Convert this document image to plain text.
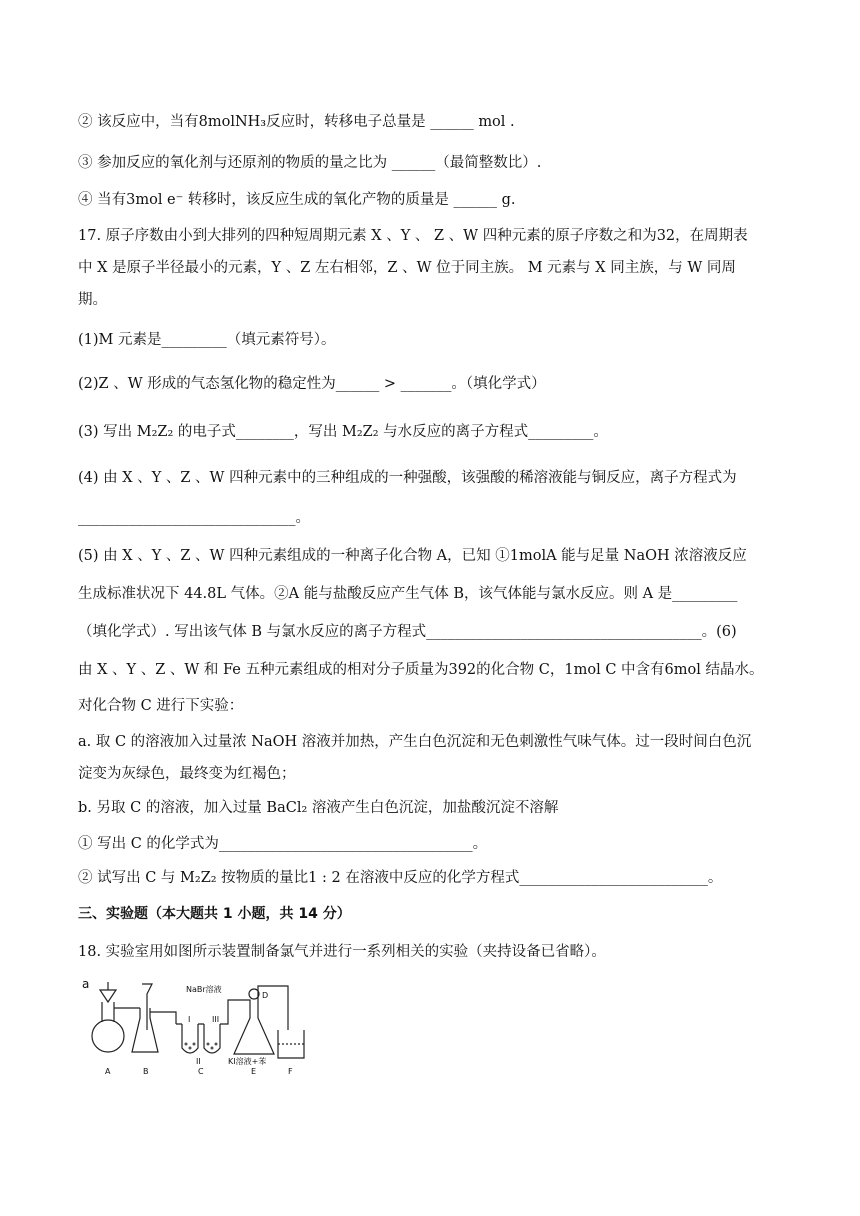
② 该反应中，当有8molNH₃反应时，转移电子总量是 ______ mol .
③ 参加反应的氧化剂与还原剂的物质的量之比为 ______（最简整数比）.
④ 当有3mol e⁻ 转移时，该反应生成的氧化产物的质量是 ______ g.
17. 原子序数由小到大排列的四种短周期元素 X 、Y 、 Z 、W 四种元素的原子序数之和为32，在周期表
中 X 是原子半径最小的元素，Y 、Z 左右相邻，Z 、W 位于同主族。 M 元素与 X 同主族，与 W 同周
期。
(1)M 元素是_________（填元素符号）。
(2)Z 、W 形成的气态氢化物的稳定性为______ > _______。（填化学式）
(3) 写出 M₂Z₂ 的电子式________，写出 M₂Z₂ 与水反应的离子方程式_________。
(4) 由 X 、Y 、Z 、W 四种元素中的三种组成的一种强酸，该强酸的稀溶液能与铜反应，离子方程式为
______________________________。
(5) 由 X 、Y 、Z 、W 四种元素组成的一种离子化合物 A，已知 ①1molA 能与足量 NaOH 浓溶液反应
生成标准状况下 44.8L 气体。②A 能与盐酸反应产生气体 B，该气体能与氯水反应。则 A 是_________
（填化学式）. 写出该气体 B 与氯水反应的离子方程式______________________________________。(6)
由 X 、Y 、Z 、W 和 Fe 五种元素组成的相对分子质量为392的化合物 C，1mol C 中含有6mol 结晶水。
对化合物 C 进行下实验：
a. 取 C 的溶液加入过量浓 NaOH 溶液并加热，产生白色沉淀和无色刺激性气味气体。过一段时间白色沉
淀变为灰绿色，最终变为红褐色；
b. 另取 C 的溶液，加入过量 BaCl₂ 溶液产生白色沉淀，加盐酸沉淀不溶解
① 写出 C 的化学式为___________________________________。
② 试写出 C 与 M₂Z₂ 按物质的量比1 : 2 在溶液中反应的化学方程式__________________________。
三、实验题（本大题共 1 小题，共 14 分）
18. 实验室用如图所示装置制备氯气并进行一系列相关的实验（夹持设备已省略）。
a	NaBr溶液
D
I
II
III
KI溶液+苯
A	B	C	E	F
